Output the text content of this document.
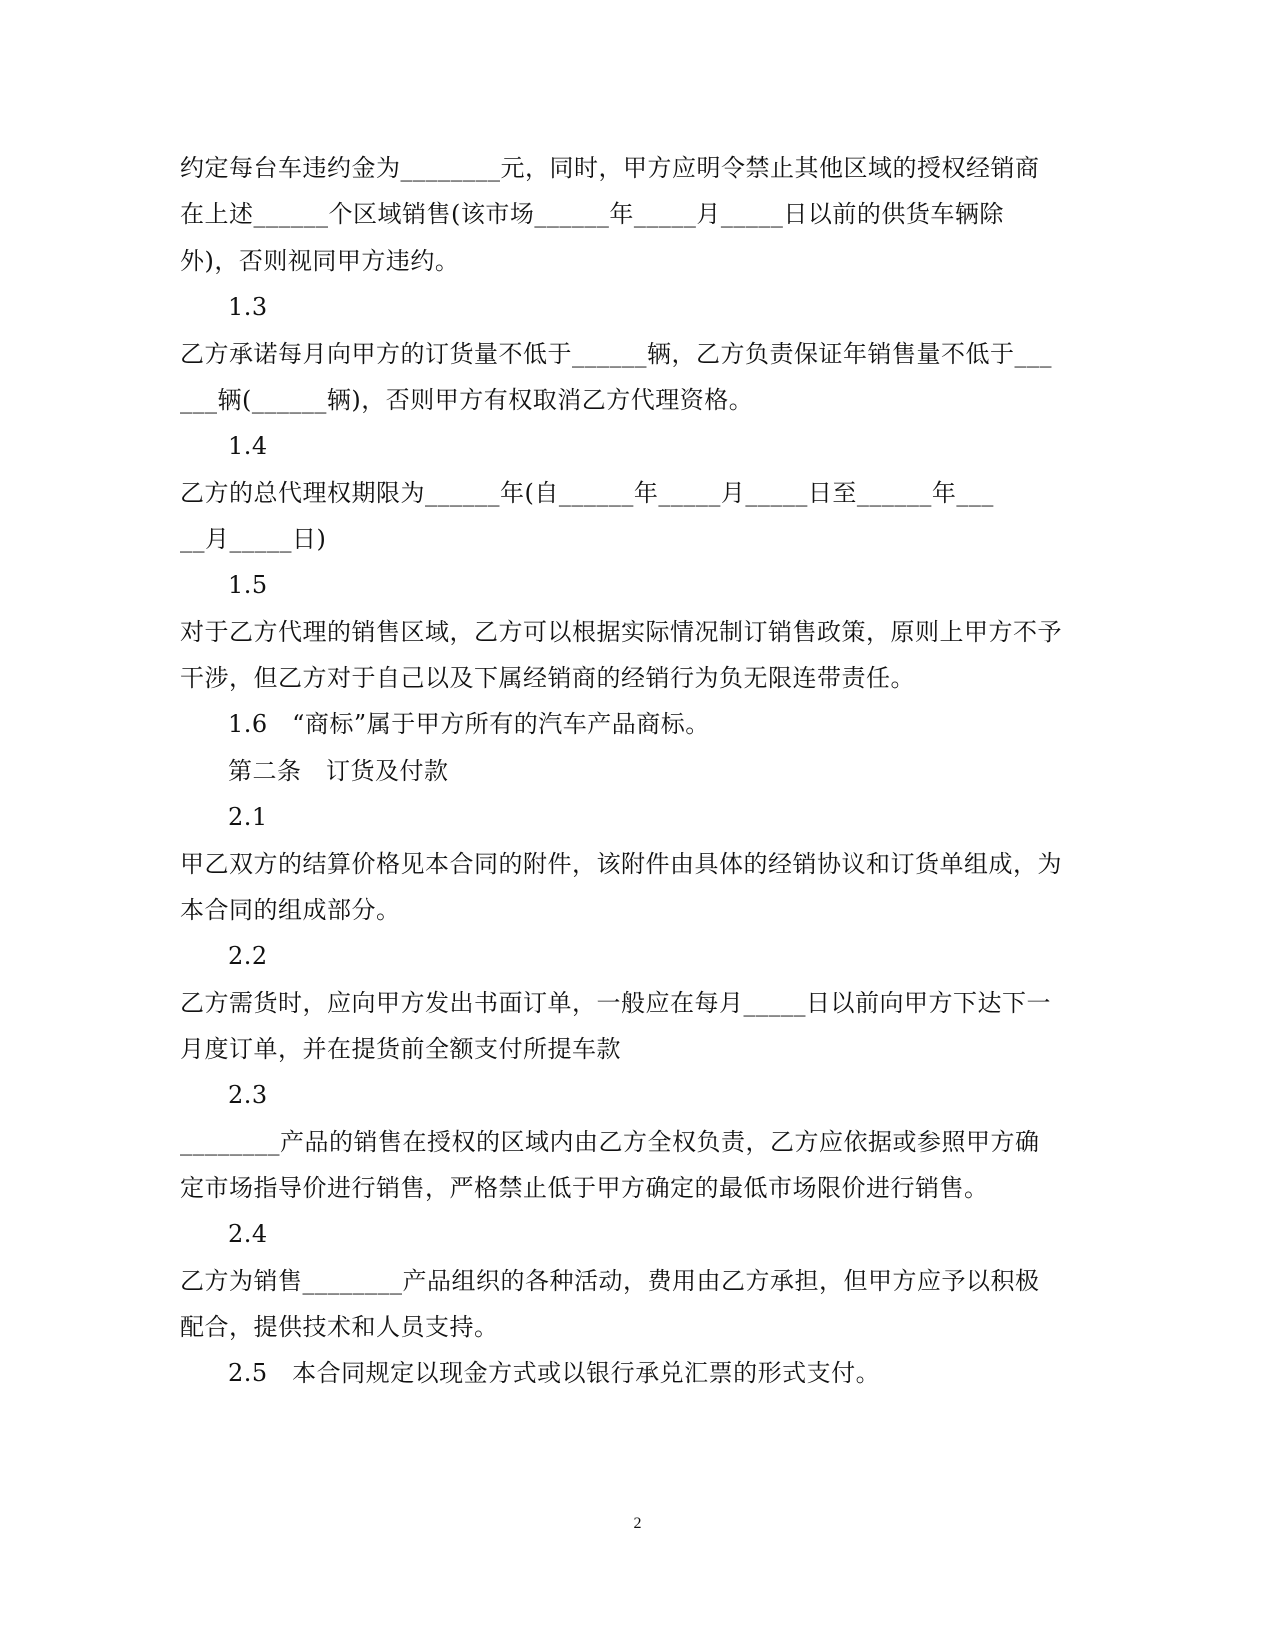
约定每台车违约金为________元，同时，甲方应明令禁止其他区域的授权经销商
在上述______个区域销售(该市场______年_____月_____日以前的供货车辆除
外)，否则视同甲方违约。
1.3
乙方承诺每月向甲方的订货量不低于______辆，乙方负责保证年销售量不低于___
___辆(______辆)，否则甲方有权取消乙方代理资格。
1.4
乙方的总代理权期限为______年(自______年_____月_____日至______年___
__月_____日)
1.5
对于乙方代理的销售区域，乙方可以根据实际情况制订销售政策，原则上甲方不予
干涉，但乙方对于自己以及下属经销商的经销行为负无限连带责任。
1.6　“商标”属于甲方所有的汽车产品商标。
第二条　订货及付款
2.1
甲乙双方的结算价格见本合同的附件，该附件由具体的经销协议和订货单组成，为
本合同的组成部分。
2.2
乙方需货时，应向甲方发出书面订单，一般应在每月_____日以前向甲方下达下一
月度订单，并在提货前全额支付所提车款
2.3
________产品的销售在授权的区域内由乙方全权负责，乙方应依据或参照甲方确
定市场指导价进行销售，严格禁止低于甲方确定的最低市场限价进行销售。
2.4
乙方为销售________产品组织的各种活动，费用由乙方承担，但甲方应予以积极
配合，提供技术和人员支持。
2.5　本合同规定以现金方式或以银行承兑汇票的形式支付。
2
